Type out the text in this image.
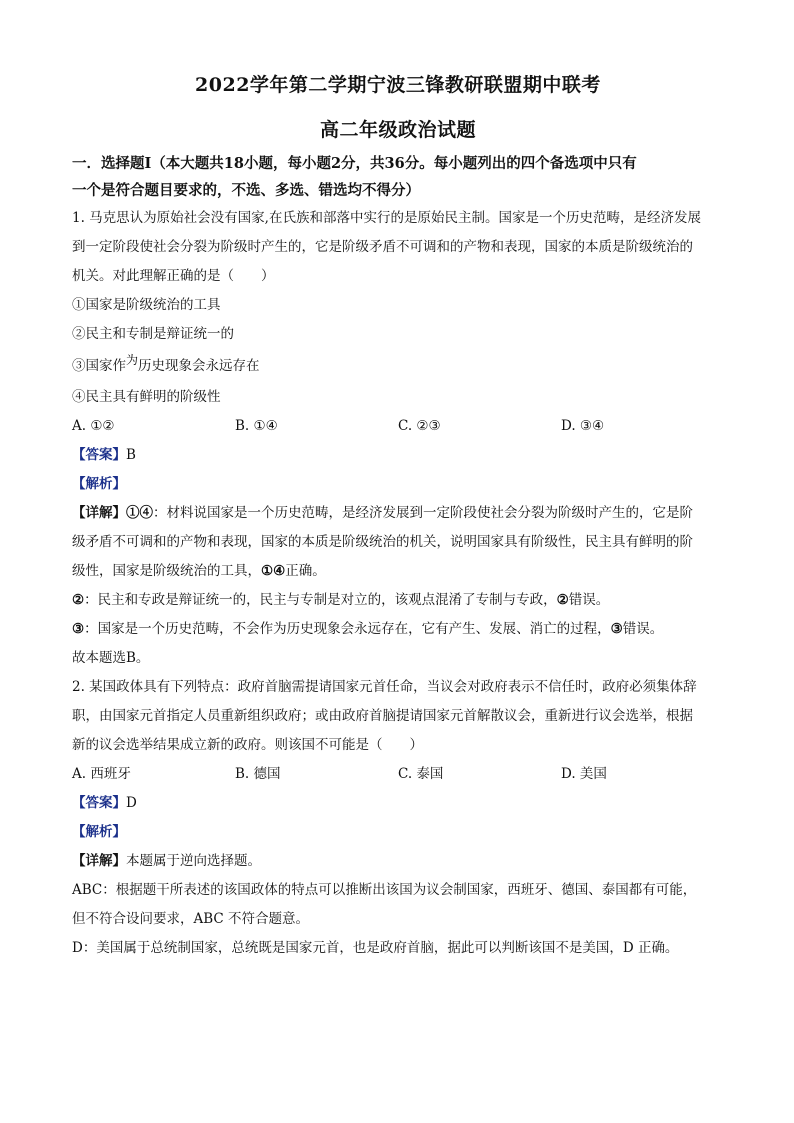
2022学年第二学期宁波三锋教研联盟期中联考
高二年级政治试题
一．选择题Ⅰ（本大题共18小题，每小题2分，共36分。每小题列出的四个备选项中只有
一个是符合题目要求的，不选、多选、错选均不得分）

1. 马克思认为原始社会没有国家,在氏族和部落中实行的是原始民主制。国家是一个历史范畴，是经济发展

到一定阶段使社会分裂为阶级时产生的，它是阶级矛盾不可调和的产物和表现，国家的本质是阶级统治的

机关。对此理解正确的是（　　）

①国家是阶级统治的工具

②民主和专制是辩证统一的

③国家作为历史现象会永远存在

④民主具有鲜明的阶级性

A. ①②	B. ①④	C. ②③	D. ③④

【答案】B

【解析】

【详解】①④：材料说国家是一个历史范畴，是经济发展到一定阶段使社会分裂为阶级时产生的，它是阶

级矛盾不可调和的产物和表现，国家的本质是阶级统治的机关，说明国家具有阶级性，民主具有鲜明的阶

级性，国家是阶级统治的工具，①④正确。

②：民主和专政是辩证统一的，民主与专制是对立的，该观点混淆了专制与专政，②错误。

③：国家是一个历史范畴，不会作为历史现象会永远存在，它有产生、发展、消亡的过程，③错误。

故本题选B。

2. 某国政体具有下列特点：政府首脑需提请国家元首任命，当议会对政府表示不信任时，政府必须集体辞

职，由国家元首指定人员重新组织政府；或由政府首脑提请国家元首解散议会，重新进行议会选举，根据

新的议会选举结果成立新的政府。则该国不可能是（　　）

A. 西班牙	B. 德国	C. 泰国	D. 美国

【答案】D

【解析】

【详解】本题属于逆向选择题。

ABC：根据题干所表述的该国政体的特点可以推断出该国为议会制国家，西班牙、德国、泰国都有可能，

但不符合设问要求，ABC 不符合题意。

D：美国属于总统制国家，总统既是国家元首，也是政府首脑，据此可以判断该国不是美国，D 正确。
